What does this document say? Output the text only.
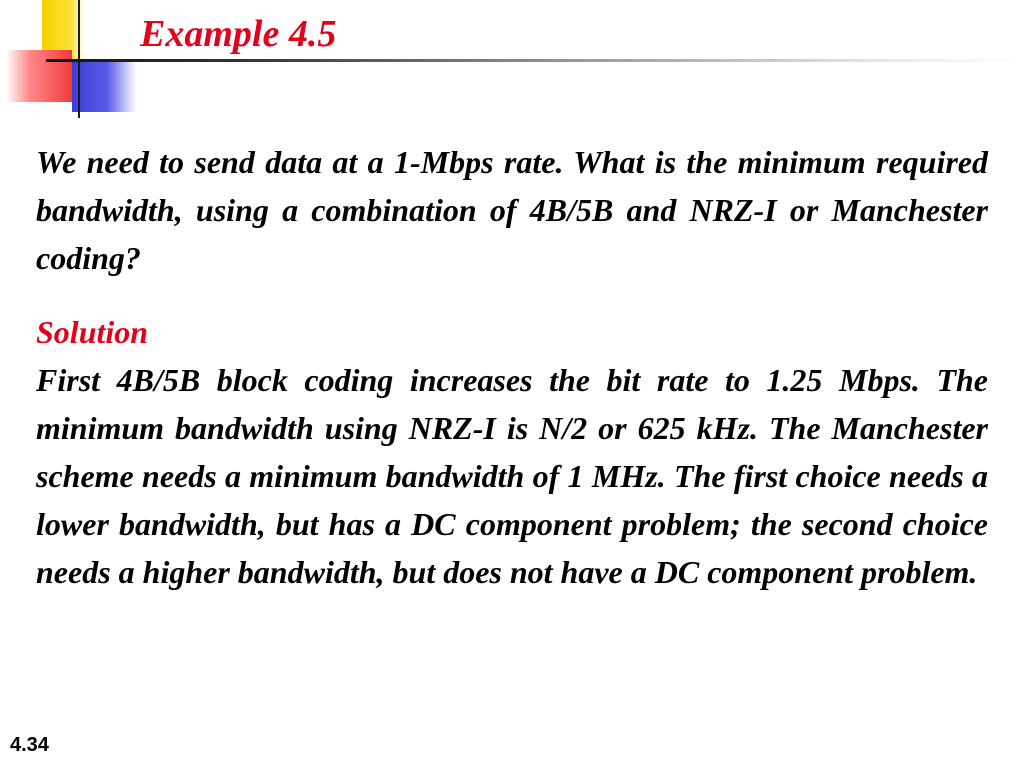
Example 4.5

We need to send data at a 1-Mbps rate. What is the minimum required bandwidth, using a combination of 4B/5B and NRZ-I or Manchester coding?

Solution

First 4B/5B block coding increases the bit rate to 1.25 Mbps. The minimum bandwidth using NRZ-I is N/2 or 625 kHz. The Manchester scheme needs a minimum bandwidth of 1 MHz. The first choice needs a lower bandwidth, but has a DC component problem; the second choice needs a higher bandwidth, but does not have a DC component problem.

4.34
